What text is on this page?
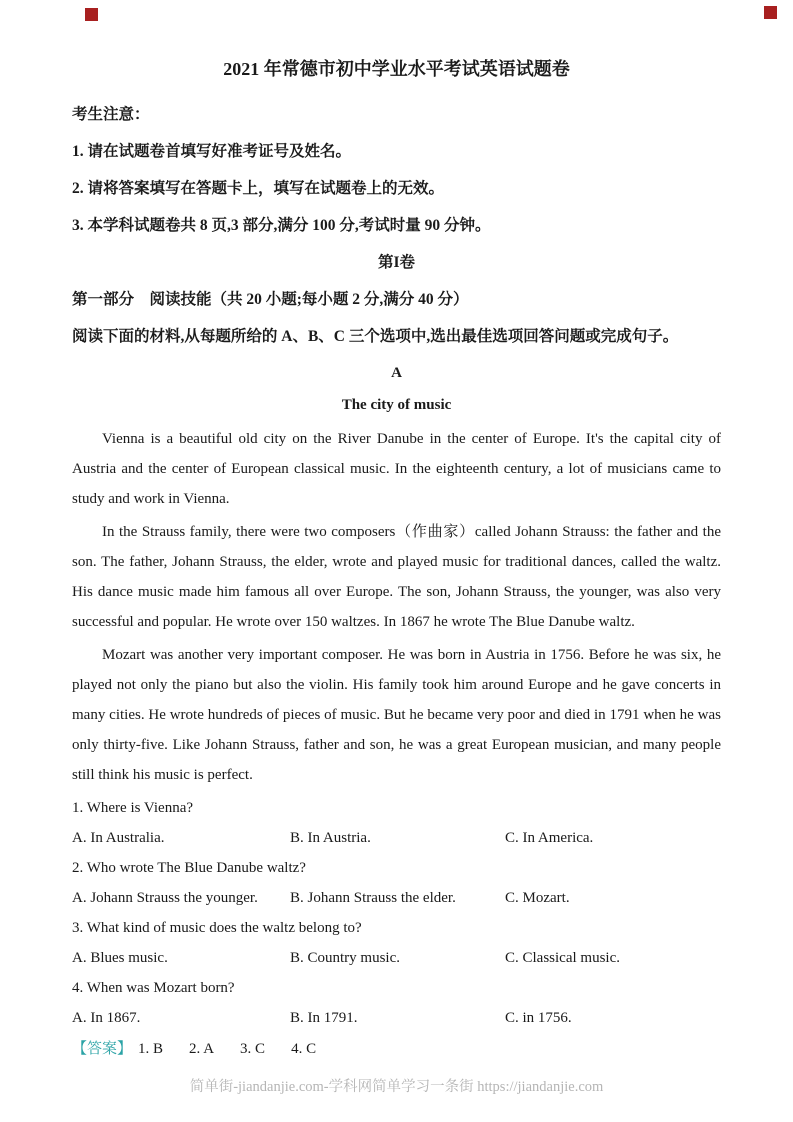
2021 年常德市初中学业水平考试英语试题卷
考生注意：
1. 请在试题卷首填写好准考证号及姓名。
2. 请将答案填写在答题卡上，填写在试题卷上的无效。
3. 本学科试题卷共 8 页,3 部分,满分 100 分,考试时量 90 分钟。
第I卷
第一部分　阅读技能（共 20 小题;每小题 2 分,满分 40 分）
阅读下面的材料,从每题所给的 A、B、C 三个选项中,选出最佳选项回答问题或完成句子。
A
The city of music

Vienna is a beautiful old city on the River Danube in the center of Europe. It's the capital city of Austria and the center of European classical music. In the eighteenth century, a lot of musicians came to study and work in Vienna.

In the Strauss family, there were two composers（作曲家）called Johann Strauss: the father and the son. The father, Johann Strauss, the elder, wrote and played music for traditional dances, called the waltz. His dance music made him famous all over Europe. The son, Johann Strauss, the younger, was also very successful and popular. He wrote over 150 waltzes. In 1867 he wrote The Blue Danube waltz.

Mozart was another very important composer. He was born in Austria in 1756. Before he was six, he played not only the piano but also the violin. His family took him around Europe and he gave concerts in many cities. He wrote hundreds of pieces of music. But he became very poor and died in 1791 when he was only thirty-five. Like Johann Strauss, father and son, he was a great European musician, and many people still think his music is perfect.

1. Where is Vienna?
A. In Australia.	B. In Austria.	C. In America.
2. Who wrote The Blue Danube waltz?
A. Johann Strauss the younger.	B. Johann Strauss the elder.	C. Mozart.
3. What kind of music does the waltz belong to?
A. Blues music.	B. Country music.	C. Classical music.
4. When was Mozart born?
A. In 1867.	B. In 1791.	C. in 1756.
【答案】 1. B 2. A 3. C 4. C
简单街-jiandanjie.com-学科网简单学习一条街 https://jiandanjie.com
